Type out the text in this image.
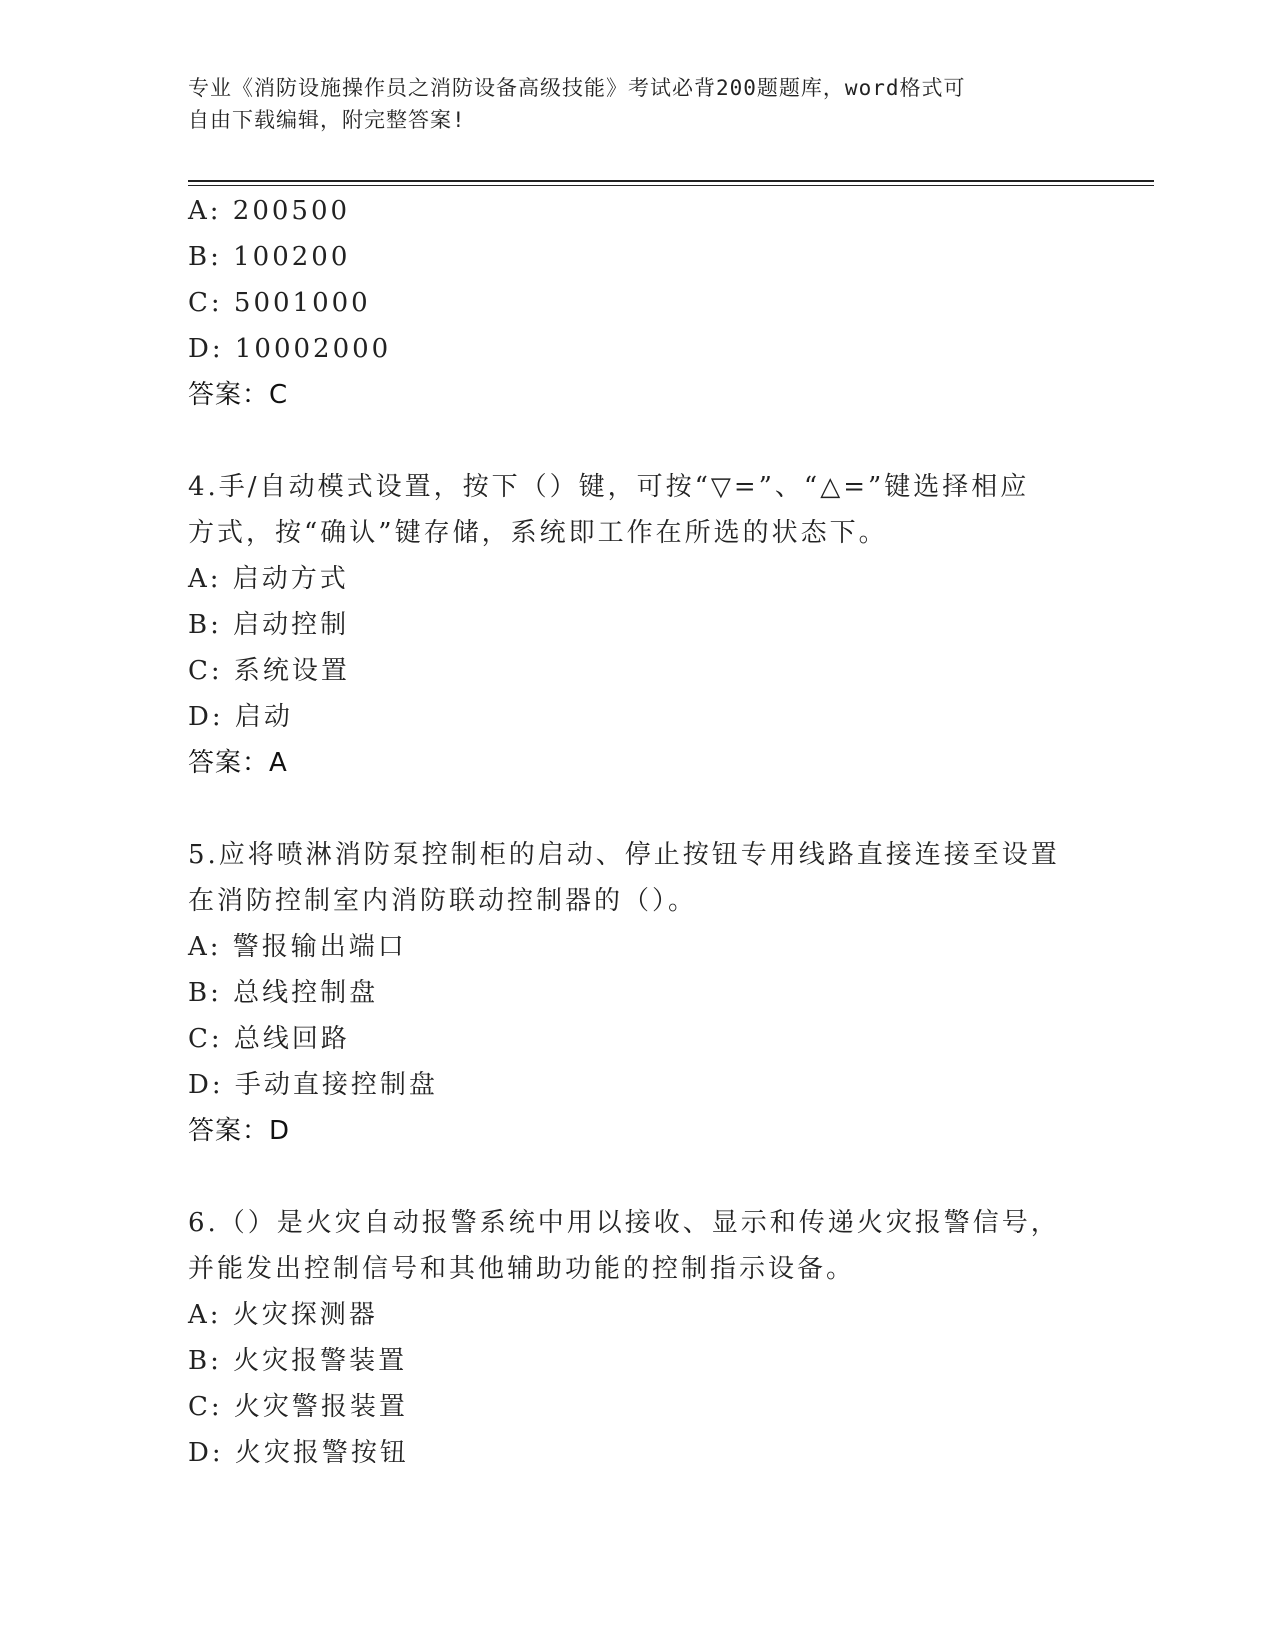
专业《消防设施操作员之消防设备高级技能》考试必背200题题库，word格式可
自由下载编辑，附完整答案!
A: 200500
B: 100200
C: 5001000
D: 10002000
答案：C
4.手/自动模式设置，按下（）键，可按“▽=”、“△=”键选择相应
方式，按“确认”键存储，系统即工作在所选的状态下。
A: 启动方式
B: 启动控制
C: 系统设置
D: 启动
答案：A
5.应将喷淋消防泵控制柜的启动、停止按钮专用线路直接连接至设置
在消防控制室内消防联动控制器的（）。
A: 警报输出端口
B: 总线控制盘
C: 总线回路
D: 手动直接控制盘
答案：D
6.（）是火灾自动报警系统中用以接收、显示和传递火灾报警信号，
并能发出控制信号和其他辅助功能的控制指示设备。
A: 火灾探测器
B: 火灾报警装置
C: 火灾警报装置
D: 火灾报警按钮
